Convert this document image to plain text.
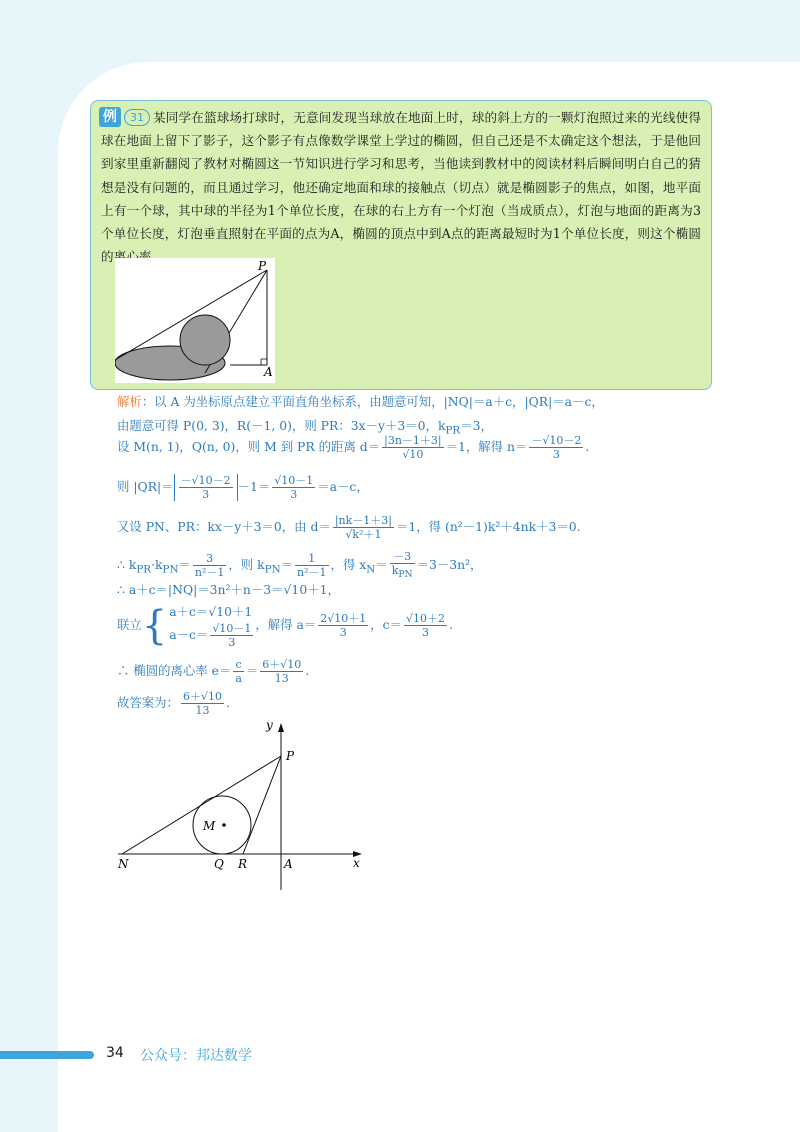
例	31 某同学在篮球场打球时，无意间发现当球放在地面上时，球的斜上方的一颗灯泡照过来的光线使得球在地面上留下了影子，这个影子有点像数学课堂上学过的椭圆，但自己还是不太确定这个想法，于是他回到家里重新翻阅了教材对椭圆这一节知识进行学习和思考，当他读到教材中的阅读材料后瞬间明白自己的猜想是没有问题的，而且通过学习，他还确定地面和球的接触点（切点）就是椭圆影子的焦点，如图，地平面上有一个球，其中球的半径为1个单位长度，在球的右上方有一个灯泡（当成质点），灯泡与地面的距离为3个单位长度，灯泡垂直照射在平面的点为A，椭圆的顶点中到A点的距离最短时为1个单位长度，则这个椭圆的离心率	.
P
A
解析：以 A 为坐标原点建立平面直角坐标系，由题意可知，|NQ|＝a＋c，|QR|＝a－c，
由题意可得 P(0, 3)，R(－1, 0)，则 PR：3x－y＋3＝0，$k_{PR}=3$，
设 M(n, 1)，Q(n, 0)，则 M 到 PR 的距离 $d= \frac{|3n-1+3|}{√10} =1$，解得 $n= \frac{-√10-2}{3}$ .
则 $|QR|= \frac{-√10-2}{3} -1= \frac{√10-1}{3} =a-c$，
又设 PN、PR：kx－y＋3＝0，由 $d= \frac{|nk-1+3|}{\text{√k²＋1}} =1$，得 (n²－1)k²＋4nk＋3＝0.
∴ $k_{PR}\cdot k_{PN}= \frac{3}{\text{n²－1}}$ ，则 $k_{PN}= \frac{1}{\text{n²－1}}$ ，得 $x_N= \frac{-3}{k_{PN}} =3-3n^2$，
∴ a＋c＝|NQ|＝3n²＋n－3＝√10＋1，
联立{ a＋c＝√10＋1
$a-c= \frac{√10-1}{3}$ ，解得 $a= \frac{2√10+1}{3}$ ，$c= \frac{√10+2}{3}$ .
∴ 椭圆的离心率 $e= \frac{c}{a} = \frac{6+√10}{13}$ .
故答案为： $\frac{6+√10}{13}$ .
y
P
M
N	Q R	A	x
34 公众号：邦达数学
